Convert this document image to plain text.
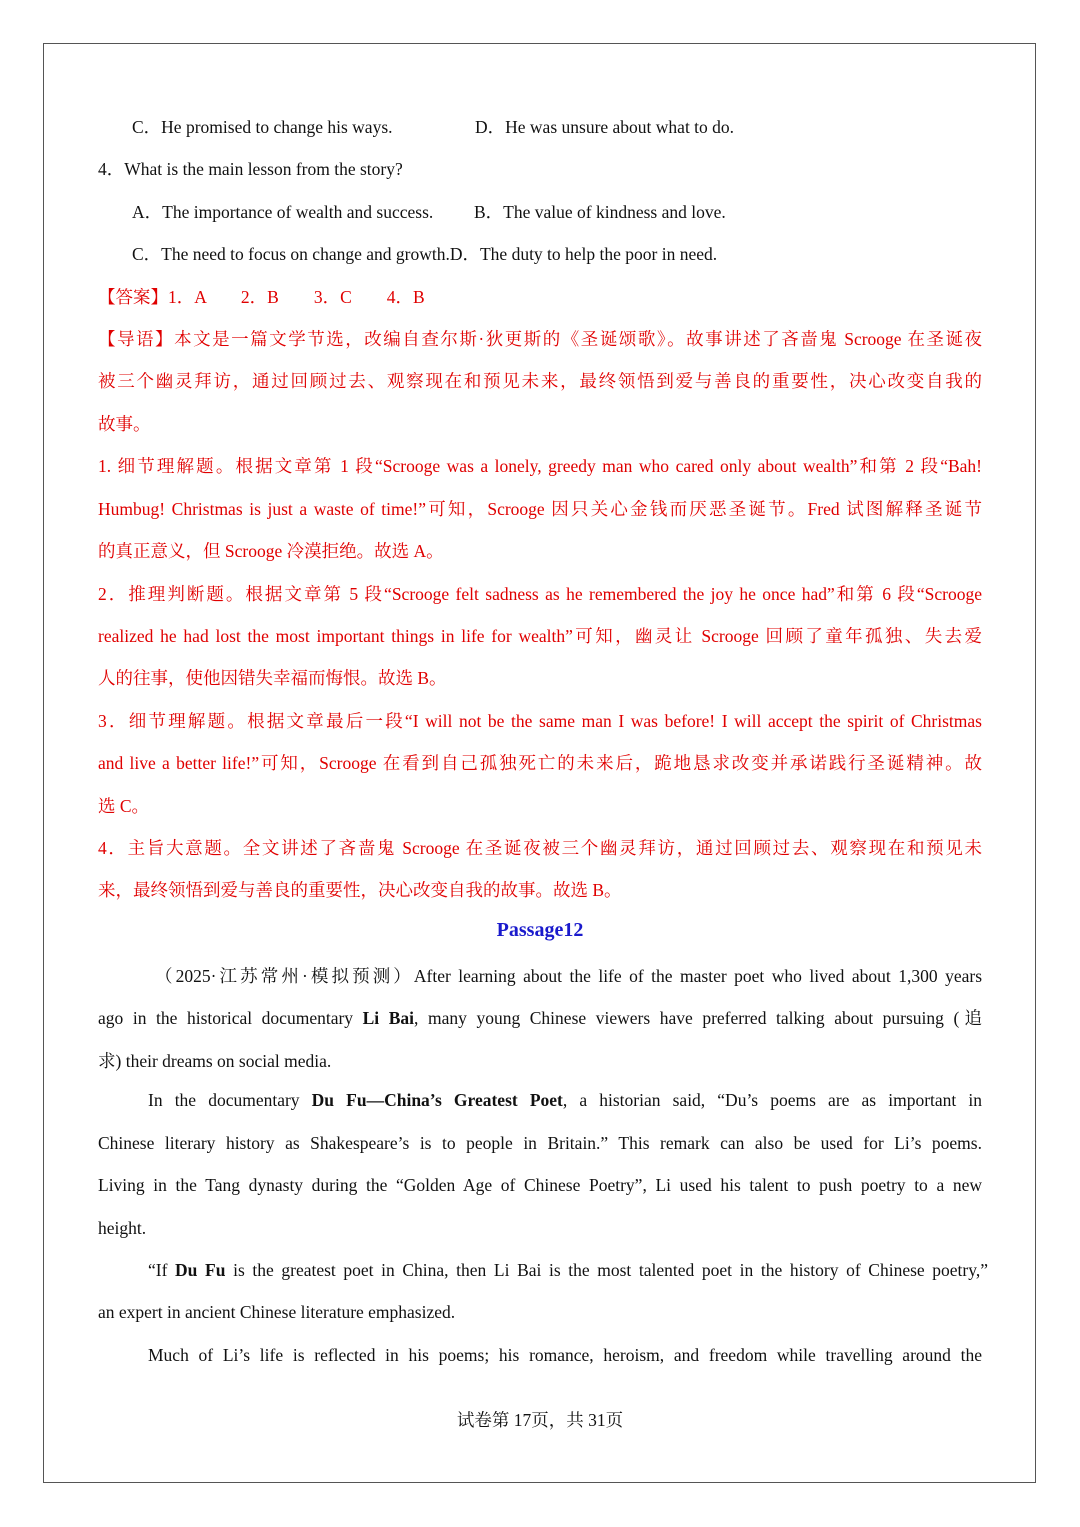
C．He promised to change his ways.	D．He was unsure about what to do.
4．What is the main lesson from the story?
A．The importance of wealth and success. B．The value of kindness and love.
C．The need to focus on change and growth.D．The duty to help the poor in need.
【答案】1．A　　2．B　　3．C　　4．B
【导语】本文是一篇文学节选，改编自查尔斯·狄更斯的《圣诞颂歌》。故事讲述了吝啬鬼 Scrooge 在圣诞夜
被三个幽灵拜访，通过回顾过去、观察现在和预见未来，最终领悟到爱与善良的重要性，决心改变自我的
故事。
1. 细节理解题。根据文章第 1 段“Scrooge was a lonely, greedy man who cared only about wealth”和第 2 段“Bah!
Humbug! Christmas is just a waste of time!”可知，Scrooge 因只关心金钱而厌恶圣诞节。Fred 试图解释圣诞节
的真正意义，但 Scrooge 冷漠拒绝。故选 A。
2．推理判断题。根据文章第 5 段“Scrooge felt sadness as he remembered the joy he once had”和第 6 段“Scrooge
realized he had lost the most important things in life for wealth”可知，幽灵让 Scrooge 回顾了童年孤独、失去爱
人的往事，使他因错失幸福而悔恨。故选 B。
3．细节理解题。根据文章最后一段“I will not be the same man I was before! I will accept the spirit of Christmas
and live a better life!”可知，Scrooge 在看到自己孤独死亡的未来后，跪地恳求改变并承诺践行圣诞精神。故
选 C。
4．主旨大意题。全文讲述了吝啬鬼 Scrooge 在圣诞夜被三个幽灵拜访，通过回顾过去、观察现在和预见未
来，最终领悟到爱与善良的重要性，决心改变自我的故事。故选 B。
Passage12
（2025·江苏常州·模拟预测）After learning about the life of the master poet who lived about 1,300 years
ago in the historical documentary Li Bai, many young Chinese viewers have preferred talking about pursuing (追
求) their dreams on social media.
In the documentary Du Fu—China’s Greatest Poet, a historian said, “Du’s poems are as important in
Chinese literary history as Shakespeare’s is to people in Britain.” This remark can also be used for Li’s poems.
Living in the Tang dynasty during the “Golden Age of Chinese Poetry”, Li used his talent to push poetry to a new
height.
“If Du Fu is the greatest poet in China, then Li Bai is the most talented poet in the history of Chinese poetry,”
an expert in ancient Chinese literature emphasized.
Much of Li’s life is reflected in his poems; his romance, heroism, and freedom while travelling around the
试卷第 17页，共 31页
